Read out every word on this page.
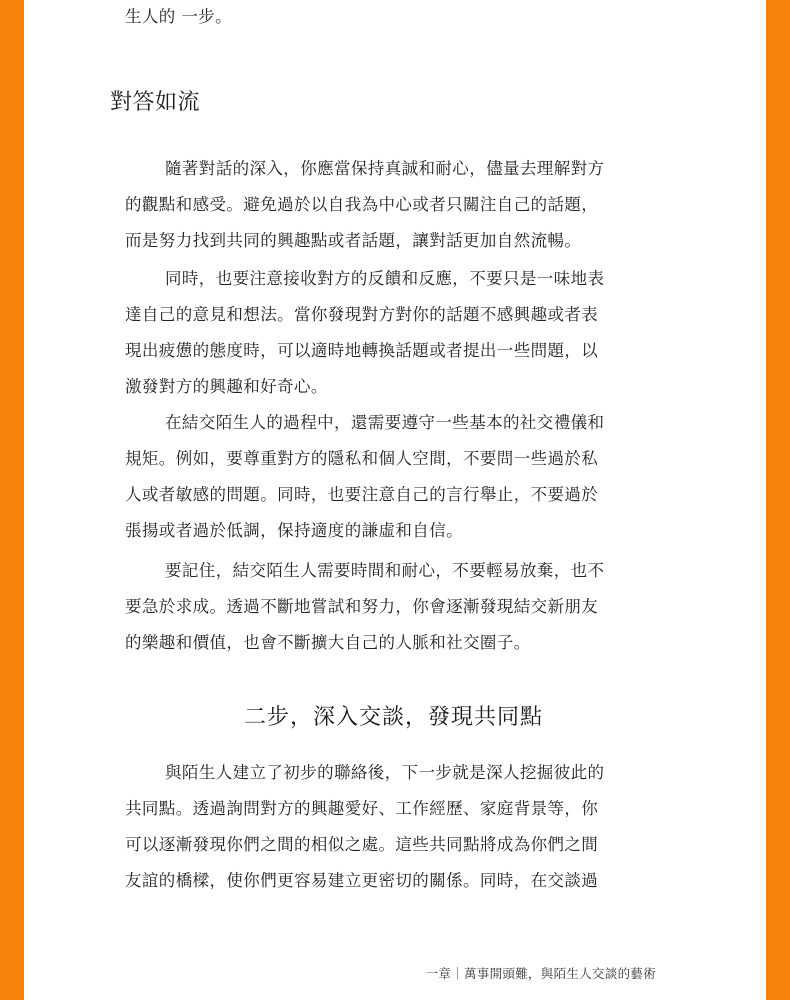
生人的 一步。
對答如流
隨著對話的深入，你應當保持真誠和耐心，儘量去理解對方
的觀點和感受。避免過於以自我為中心或者只關注自己的話題，
而是努力找到共同的興趣點或者話題，讓對話更加自然流暢。
同時，也要注意接收對方的反饋和反應，不要只是一味地表
達自己的意見和想法。當你發現對方對你的話題不感興趣或者表
現出疲憊的態度時，可以適時地轉換話題或者提出一些問題，以
激發對方的興趣和好奇心。
在結交陌生人的過程中，還需要遵守一些基本的社交禮儀和
規矩。例如，要尊重對方的隱私和個人空間，不要問一些過於私
人或者敏感的問題。同時，也要注意自己的言行舉止，不要過於
張揚或者過於低調，保持適度的謙虛和自信。
要記住，結交陌生人需要時間和耐心，不要輕易放棄，也不
要急於求成。透過不斷地嘗試和努力，你會逐漸發現結交新朋友
的樂趣和價值，也會不斷擴大自己的人脈和社交圈子。
二步，深入交談，發現共同點
與陌生人建立了初步的聯絡後，下一步就是深人挖掘彼此的
共同點。透過詢問對方的興趣愛好、工作經歷、家庭背景等，你
可以逐漸發現你們之間的相似之處。這些共同點將成為你們之間
友誼的橋樑，使你們更容易建立更密切的關係。同時，在交談過
一章｜萬事開頭難，與陌生人交談的藝術
